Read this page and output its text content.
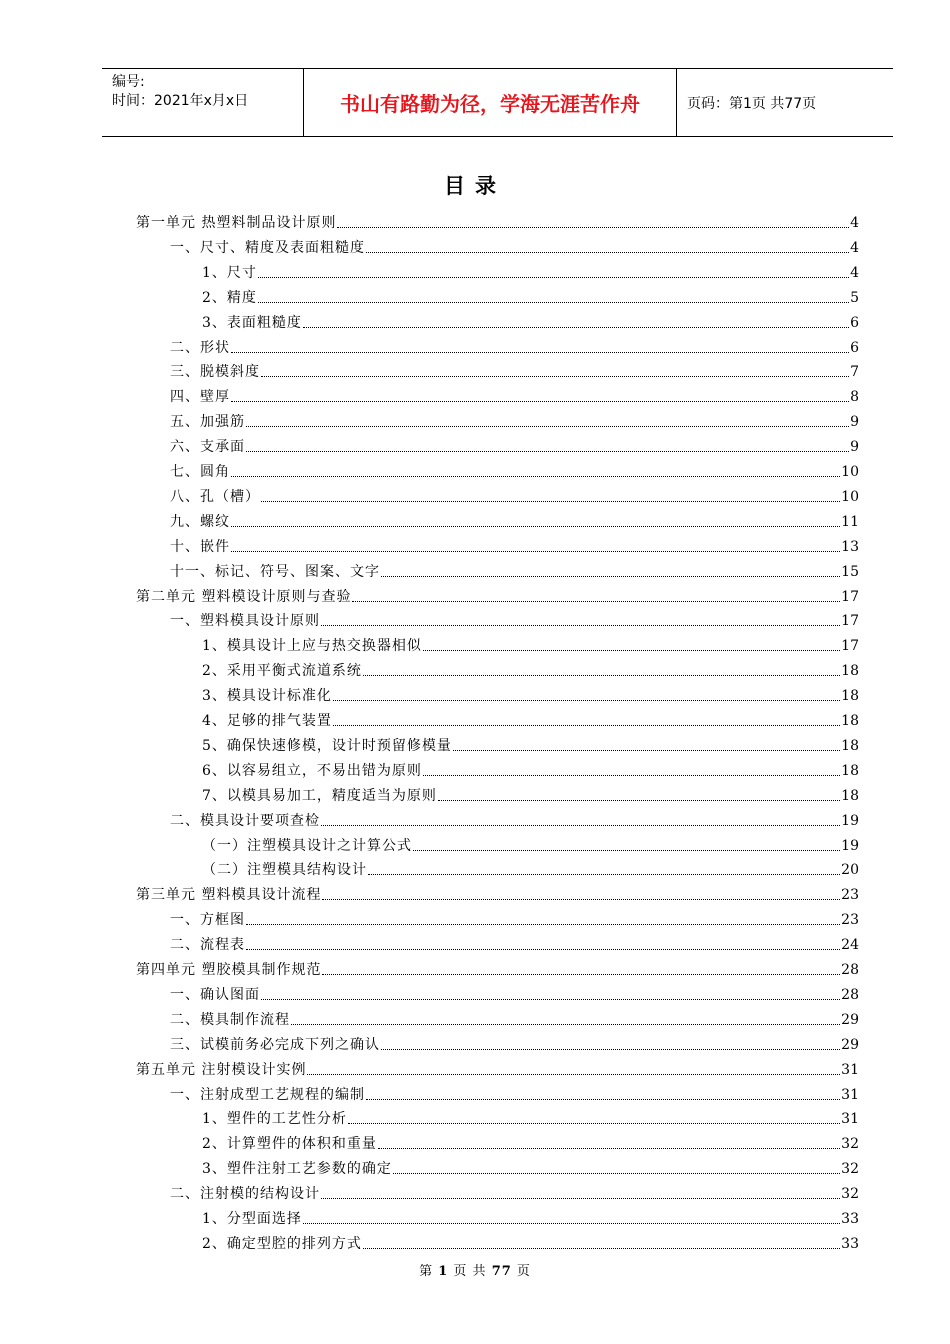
编号:
时间：2021年x月x日	书山有路勤为径，学海无涯苦作舟	页码：第1页 共77页
目录
第一单元 热塑料制品设计原则	4
一、尺寸、精度及表面粗糙度	4
1、尺寸	4
2、精度	5
3、表面粗糙度	6
二、形状	6
三、脱模斜度	7
四、壁厚	8
五、加强筋	9
六、支承面	9
七、圆角	10
八、孔（槽）	10
九、螺纹	11
十、嵌件	13
十一、标记、符号、图案、文字	15
第二单元 塑料模设计原则与查验	17
一、塑料模具设计原则	17
1、模具设计上应与热交换器相似	17
2、采用平衡式流道系统	18
3、模具设计标准化	18
4、足够的排气装置	18
5、确保快速修模，设计时预留修模量	18
6、以容易组立，不易出错为原则	18
7、以模具易加工，精度适当为原则	18
二、模具设计要项查检	19
（一）注塑模具设计之计算公式	19
（二）注塑模具结构设计	20
第三单元 塑料模具设计流程	23
一、方框图	23
二、流程表	24
第四单元 塑胶模具制作规范	28
一、确认图面	28
二、模具制作流程	29
三、试模前务必完成下列之确认	29
第五单元 注射模设计实例	31
一、注射成型工艺规程的编制	31
1、塑件的工艺性分析	31
2、计算塑件的体积和重量	32
3、塑件注射工艺参数的确定	32
二、注射模的结构设计	32
1、分型面选择	33
2、确定型腔的排列方式	33
第 1 页 共 77 页
